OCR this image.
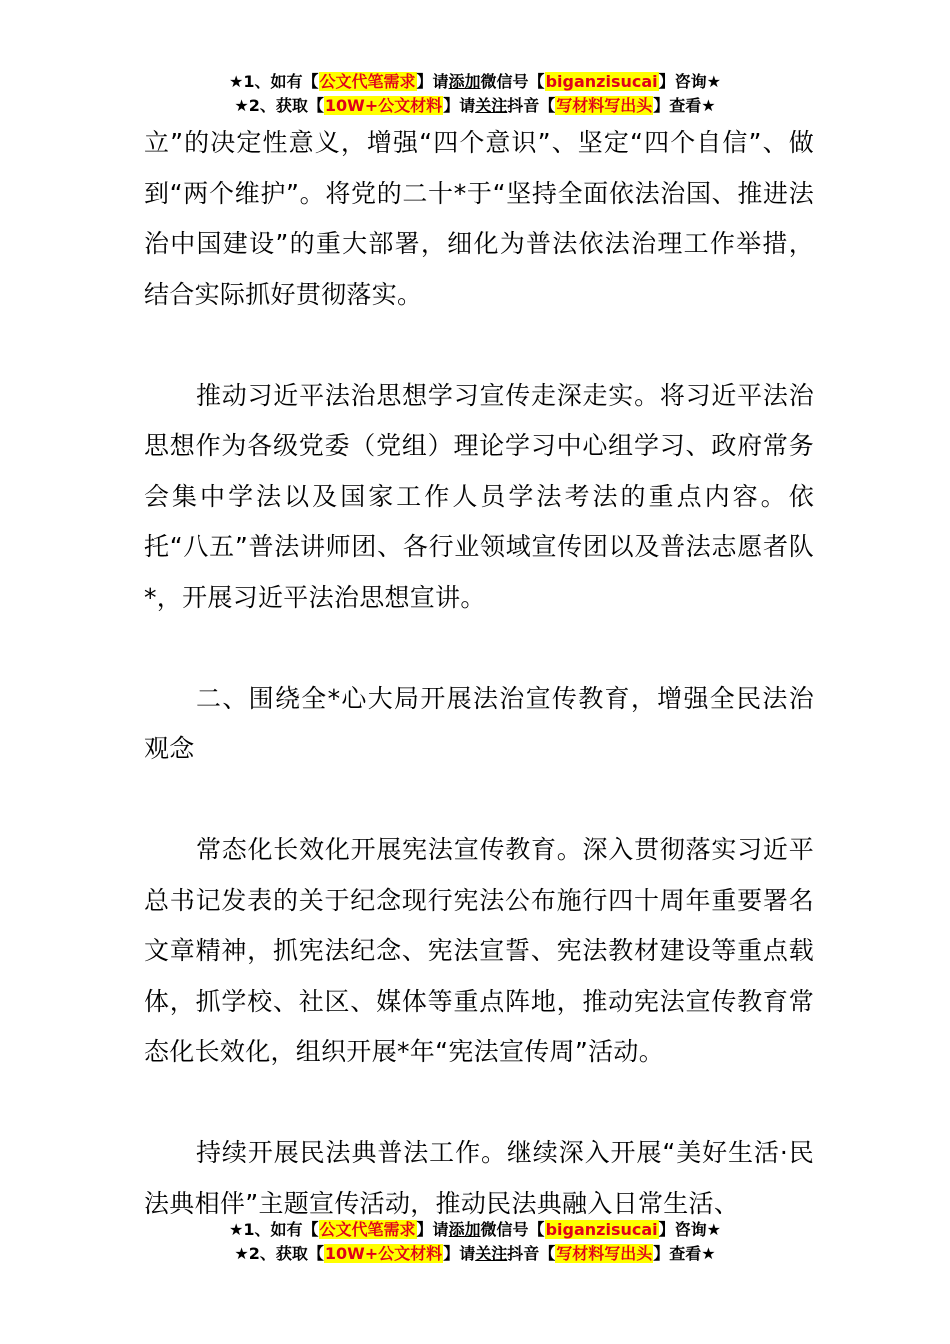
★1、如有【公文代笔需求】请添加微信号【biganzisucai】咨询★
★2、获取【10W+公文材料】请关注抖音【写材料写出头】查看★

立”的决定性意义，增强“四个意识”、坚定“四个自信”、做到“两个维护”。将党的二十*于“坚持全面依法治国、推进法治中国建设”的重大部署，细化为普法依法治理工作举措，结合实际抓好贯彻落实。

推动习近平法治思想学习宣传走深走实。将习近平法治思想作为各级党委（党组）理论学习中心组学习、政府常务会集中学法以及国家工作人员学法考法的重点内容。依托“八五”普法讲师团、各行业领域宣传团以及普法志愿者队*，开展习近平法治思想宣讲。

二、围绕全*心大局开展法治宣传教育，增强全民法治观念

常态化长效化开展宪法宣传教育。深入贯彻落实习近平总书记发表的关于纪念现行宪法公布施行四十周年重要署名文章精神，抓宪法纪念、宪法宣誓、宪法教材建设等重点载体，抓学校、社区、媒体等重点阵地，推动宪法宣传教育常态化长效化，组织开展*年“宪法宣传周”活动。

持续开展民法典普法工作。继续深入开展“美好生活·民法典相伴”主题宣传活动，推动民法典融入日常生活、

★1、如有【公文代笔需求】请添加微信号【biganzisucai】咨询★
★2、获取【10W+公文材料】请关注抖音【写材料写出头】查看★
